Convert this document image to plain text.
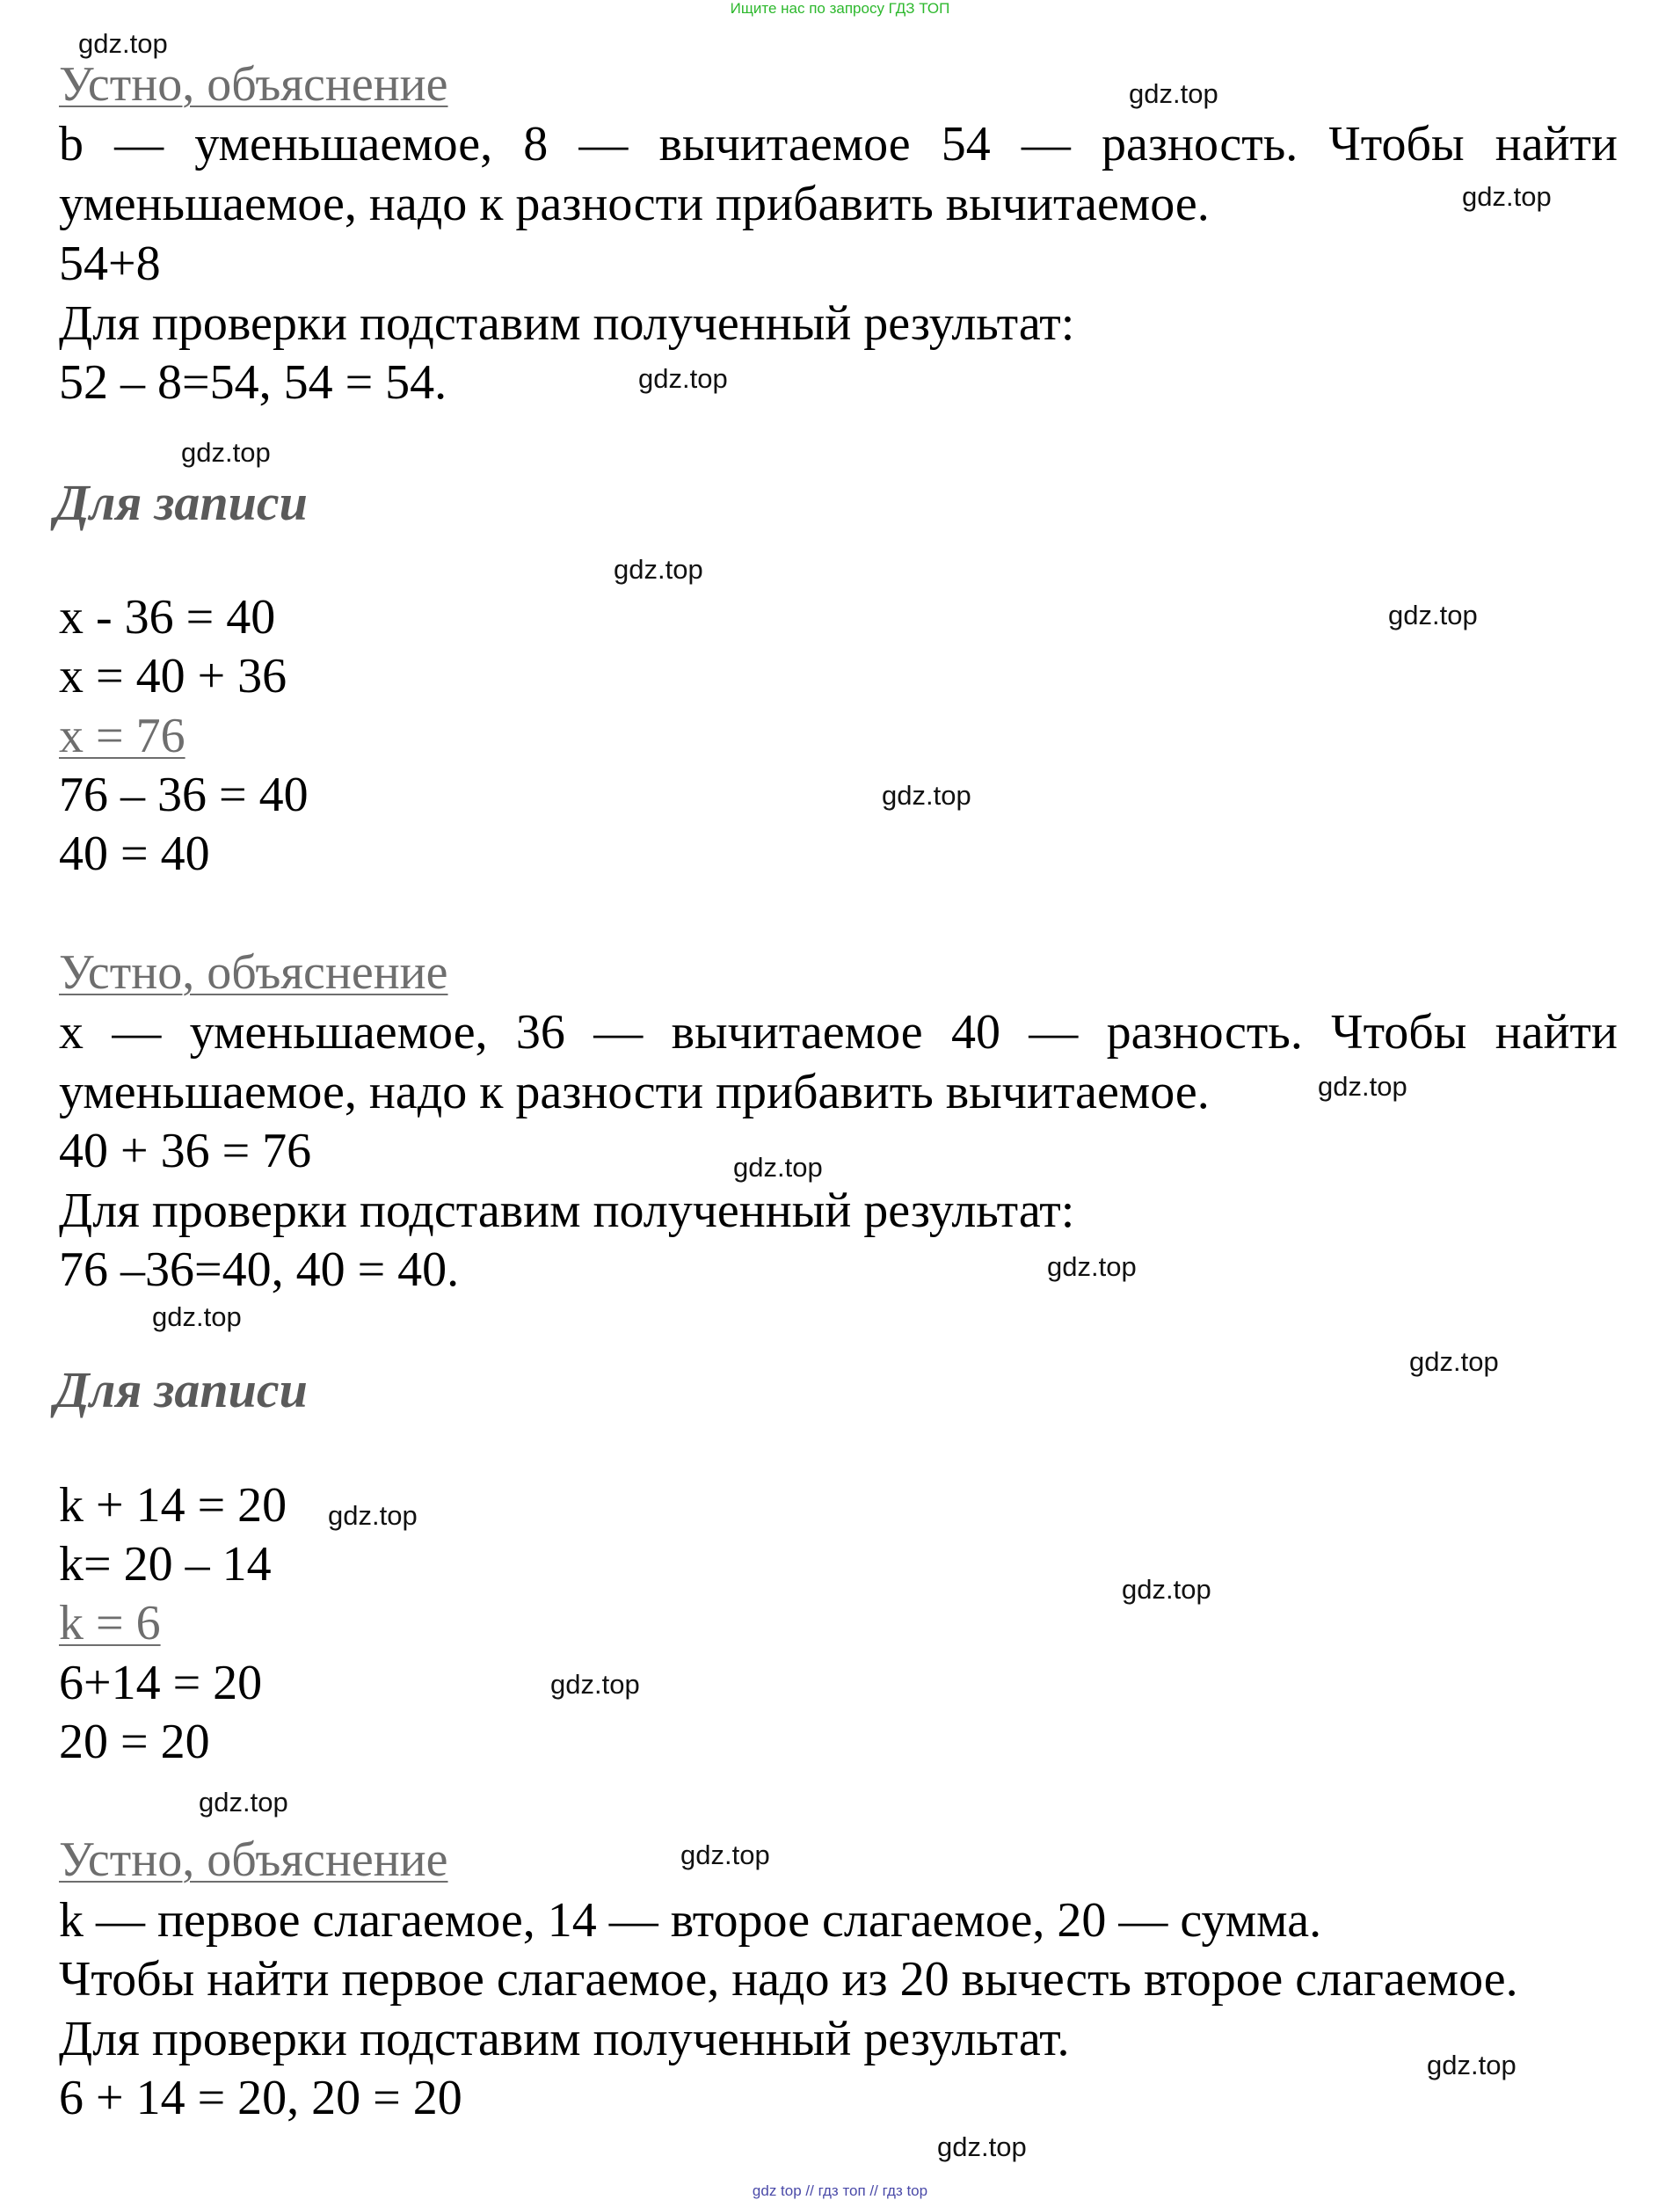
Ищите нас по запросу ГДЗ ТОП
Устно, объяснение
b — уменьшаемое, 8 — вычитаемое 54 — разность. Чтобы найти
уменьшаемое, надо к разности прибавить вычитаемое.
54+8
Для проверки подставим полученный результат:
52 – 8=54, 54 = 54.
Для записи
x - 36 = 40
x = 40 + 36
x = 76
76 – 36 = 40
40 = 40
Устно, объяснение
x — уменьшаемое, 36 — вычитаемое 40 — разность. Чтобы найти
уменьшаемое, надо к разности прибавить вычитаемое.
40 + 36 = 76
Для проверки подставим полученный результат:
76 –36=40, 40 = 40.
Для записи
k + 14 = 20
k= 20 – 14
k = 6
6+14 = 20
20 = 20
Устно, объяснение
k — первое слагаемое, 14 — второе слагаемое, 20 — сумма.
Чтобы найти первое слагаемое, надо из 20 вычесть второе слагаемое.
Для проверки подставим полученный результат.
6 + 14 = 20, 20 = 20
gdz.top
gdz.top
gdz.top
gdz.top
gdz.top
gdz.top
gdz.top
gdz.top
gdz.top
gdz.top
gdz.top
gdz.top
gdz.top
gdz.top
gdz.top
gdz.top
gdz.top
gdz.top
gdz.top
gdz.top
gdz top // гдз топ // гдз top
